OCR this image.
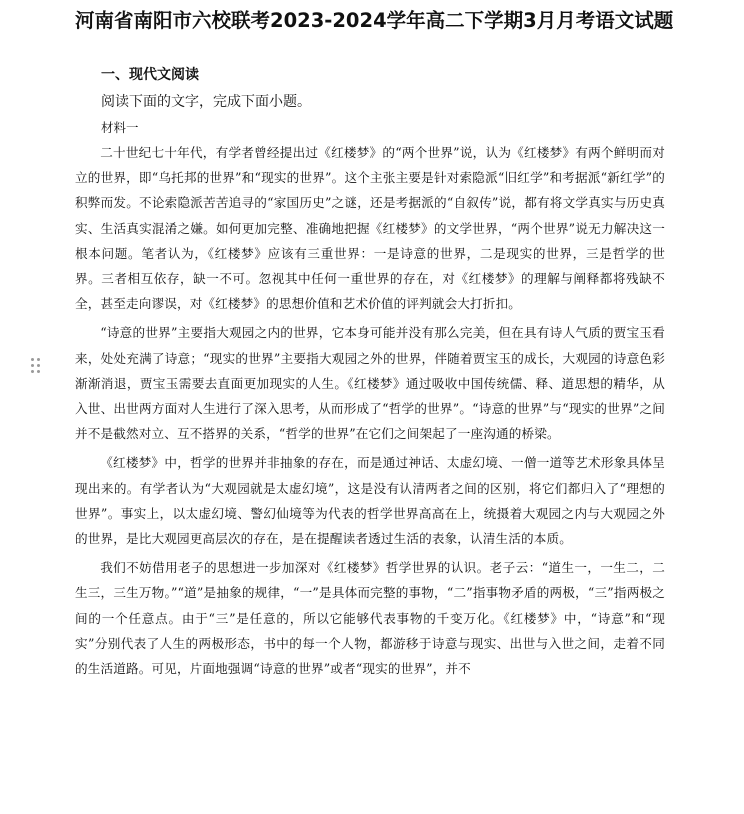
河南省南阳市六校联考2023-2024学年高二下学期3月月考语文试题
一、现代文阅读

阅读下面的文字，完成下面小题。

材料一

二十世纪七十年代，有学者曾经提出过《红楼梦》的“两个世界”说，认为《红楼梦》有两个鲜明而对立的世界，即“乌托邦的世界”和“现实的世界”。这个主张主要是针对索隐派“旧红学”和考据派“新红学”的积弊而发。不论索隐派苦苦追寻的“家国历史”之谜，还是考据派的“自叙传”说，都有将文学真实与历史真实、生活真实混淆之嫌。如何更加完整、准确地把握《红楼梦》的文学世界，“两个世界”说无力解决这一根本问题。笔者认为，《红楼梦》应该有三重世界：一是诗意的世界，二是现实的世界，三是哲学的世界。三者相互依存，缺一不可。忽视其中任何一重世界的存在，对《红楼梦》的理解与阐释都将残缺不全，甚至走向谬误，对《红楼梦》的思想价值和艺术价值的评判就会大打折扣。

“诗意的世界”主要指大观园之内的世界，它本身可能并没有那么完美，但在具有诗人气质的贾宝玉看来，处处充满了诗意；“现实的世界”主要指大观园之外的世界，伴随着贾宝玉的成长，大观园的诗意色彩渐渐消退，贾宝玉需要去直面更加现实的人生。《红楼梦》通过吸收中国传统儒、释、道思想的精华，从入世、出世两方面对人生进行了深入思考，从而形成了“哲学的世界”。“诗意的世界”与“现实的世界”之间并不是截然对立、互不搭界的关系，“哲学的世界”在它们之间架起了一座沟通的桥梁。

《红楼梦》中，哲学的世界并非抽象的存在，而是通过神话、太虚幻境、一僧一道等艺术形象具体呈现出来的。有学者认为“大观园就是太虚幻境”，这是没有认清两者之间的区别，将它们都归入了“理想的世界”。事实上，以太虚幻境、警幻仙境等为代表的哲学世界高高在上，统摄着大观园之内与大观园之外的世界，是比大观园更高层次的存在，是在提醒读者透过生活的表象，认清生活的本质。

我们不妨借用老子的思想进一步加深对《红楼梦》哲学世界的认识。老子云：“道生一，一生二，二生三，三生万物。”“道”是抽象的规律，“一”是具体而完整的事物，“二”指事物矛盾的两极，“三”指两极之间的一个任意点。由于“三”是任意的，所以它能够代表事物的千变万化。《红楼梦》中，“诗意”和“现实”分别代表了人生的两极形态，书中的每一个人物，都游移于诗意与现实、出世与入世之间，走着不同的生活道路。可见，片面地强调“诗意的世界”或者“现实的世界”，并不
